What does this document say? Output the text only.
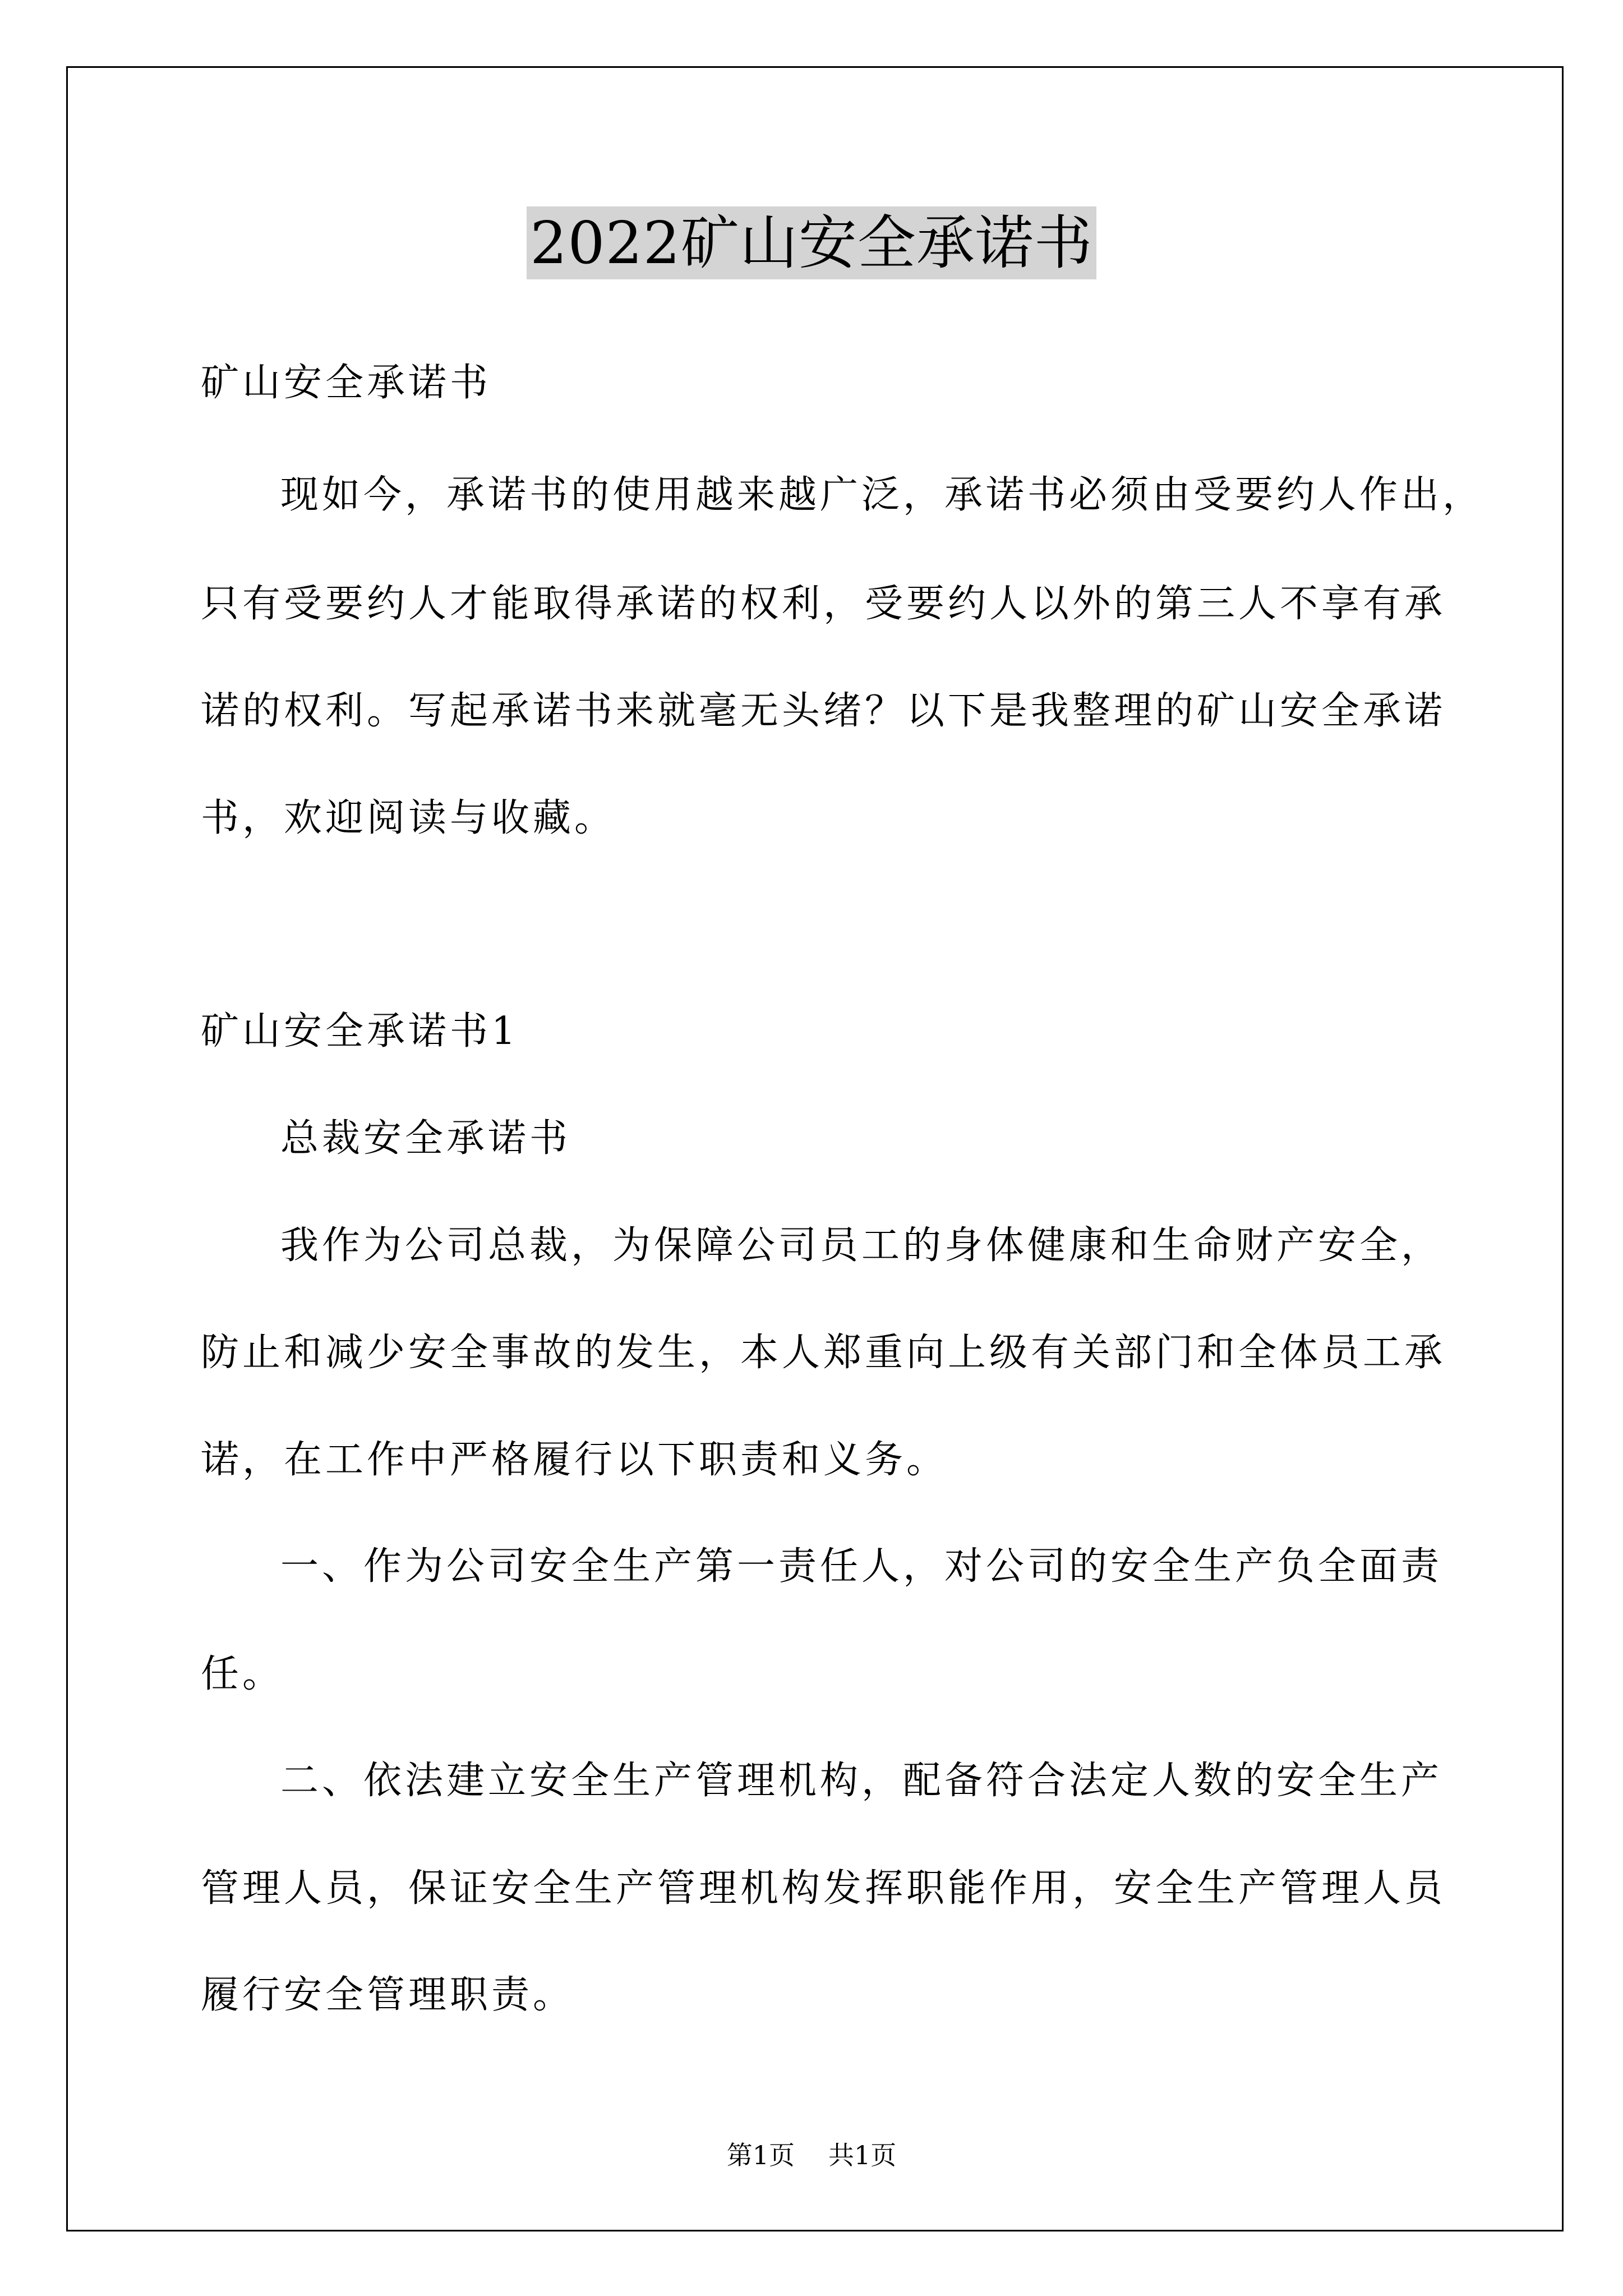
2022矿山安全承诺书
矿山安全承诺书
现如今，承诺书的使用越来越广泛，承诺书必须由受要约人作出，
只有受要约人才能取得承诺的权利，受要约人以外的第三人不享有承
诺的权利。写起承诺书来就毫无头绪？以下是我整理的矿山安全承诺
书，欢迎阅读与收藏。
矿山安全承诺书1
总裁安全承诺书
我作为公司总裁，为保障公司员工的身体健康和生命财产安全，
防止和减少安全事故的发生，本人郑重向上级有关部门和全体员工承
诺，在工作中严格履行以下职责和义务。
一、作为公司安全生产第一责任人，对公司的安全生产负全面责
任。
二、依法建立安全生产管理机构，配备符合法定人数的安全生产
管理人员，保证安全生产管理机构发挥职能作用，安全生产管理人员
履行安全管理职责。
第1页 共1页
